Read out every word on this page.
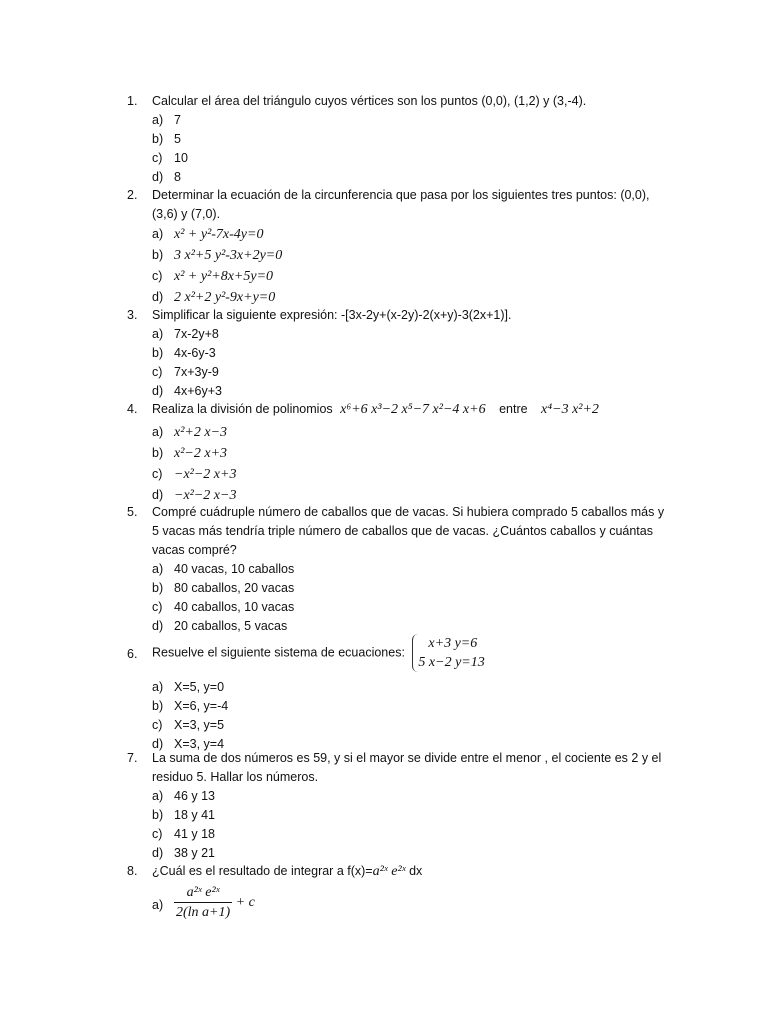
1.	Calcular el área del triángulo cuyos vértices son los puntos (0,0), (1,2) y (3,-4).
a) 7
b) 5
c) 10
d) 8
2.	Determinar la ecuación de la circunferencia que pasa por los siguientes tres puntos: (0,0), (3,6) y (7,0).
a) x² + y²-7x-4y=0
b) 3 x²+5 y²-3x+2y=0
c) x² + y²+8x+5y=0
d) 2 x²+2 y²-9x+y=0
3.	Simplificar la siguiente expresión: -[3x-2y+(x-2y)-2(x+y)-3(2x+1)].
a) 7x-2y+8
b) 4x-6y-3
c) 7x+3y-9
d) 4x+6y+3
4.	Realiza la división de polinomios x⁶+6 x³−2 x⁵−7 x²−4 x+6 entre x⁴−3 x²+2
a) x²+2 x−3
b) x²−2 x+3
c) −x²−2 x+3
d) −x²−2 x−3
5.	Compré cuádruple número de caballos que de vacas. Si hubiera comprado 5 caballos más y 5 vacas más tendría triple número de caballos que de vacas. ¿Cuántos caballos y cuántas vacas compré?
a) 40 vacas, 10 caballos
b) 80 caballos, 20 vacas
c) 40 caballos, 10 vacas
d) 20 caballos, 5 vacas
6.	Resuelve el siguiente sistema de ecuaciones:
x+3 y=6
5 x−2 y=13
a) X=5, y=0
b) X=6, y=-4
c) X=3, y=5
d) X=3, y=4
7.	La suma de dos números es 59, y si el mayor se divide entre el menor , el cociente es 2 y el residuo 5. Hallar los números.
a) 46 y 13
b) 18 y 41
c) 41 y 18
d) 38 y 21
8.	¿Cuál es el resultado de integrar a f(x)=a²ˣ e²ˣ dx
$a) \frac{\text{a²ˣ e²ˣ}}{\text{2(ln a+1)}} + c$
